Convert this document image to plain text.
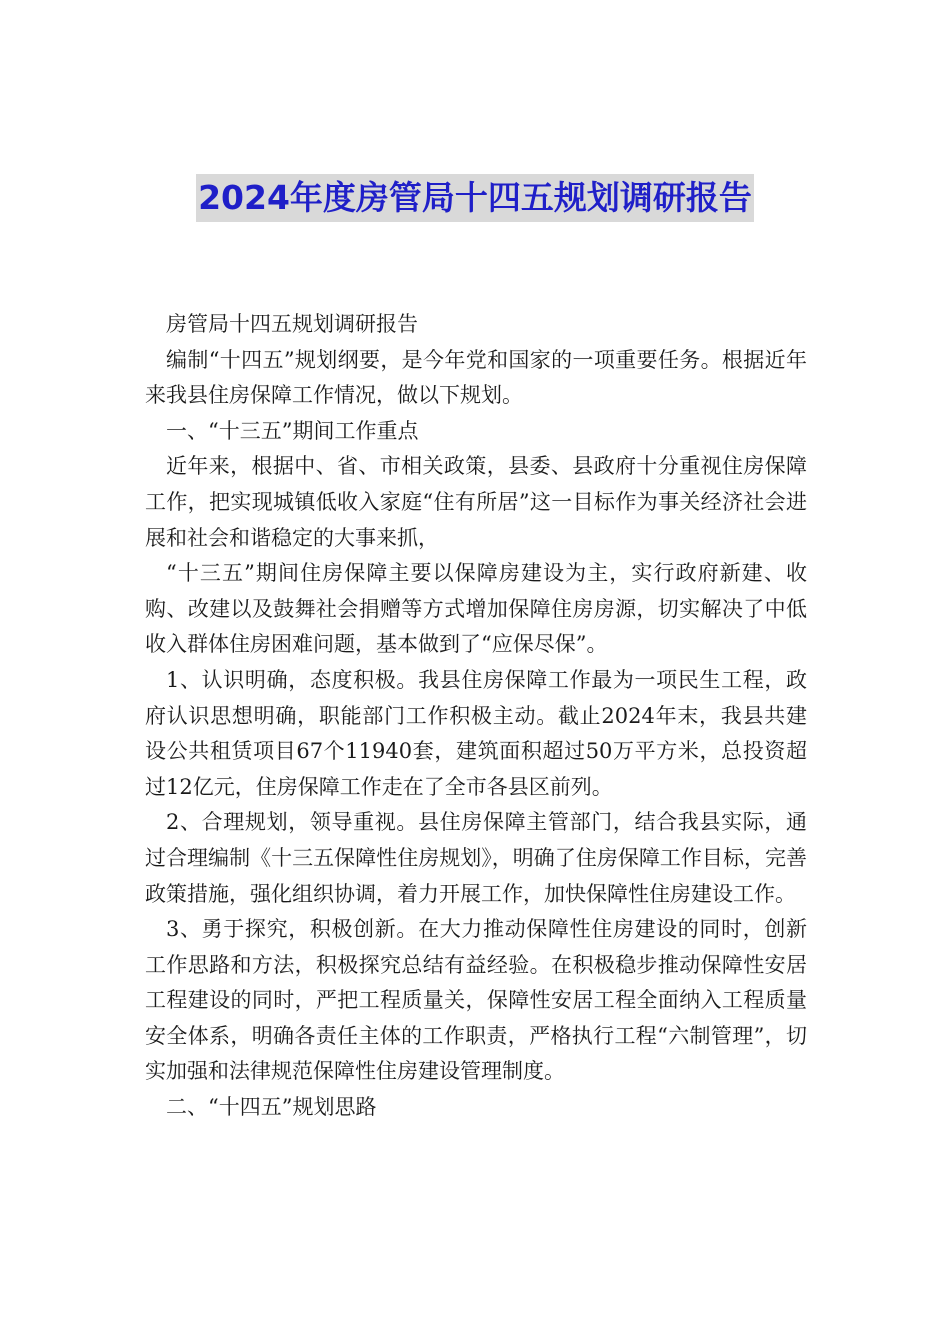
2024年度房管局十四五规划调研报告

房管局十四五规划调研报告

编制“十四五”规划纲要，是今年党和国家的一项重要任务。根据近年来我县住房保障工作情况，做以下规划。

一、“十三五”期间工作重点

近年来，根据中、省、市相关政策，县委、县政府十分重视住房保障工作，把实现城镇低收入家庭“住有所居”这一目标作为事关经济社会进展和社会和谐稳定的大事来抓，

“十三五”期间住房保障主要以保障房建设为主，实行政府新建、收购、改建以及鼓舞社会捐赠等方式增加保障住房房源，切实解决了中低收入群体住房困难问题，基本做到了“应保尽保”。

1、认识明确，态度积极。我县住房保障工作最为一项民生工程，政府认识思想明确，职能部门工作积极主动。截止2024年末，我县共建设公共租赁项目67个11940套，建筑面积超过50万平方米，总投资超过12亿元，住房保障工作走在了全市各县区前列。

2、合理规划，领导重视。县住房保障主管部门，结合我县实际，通过合理编制《十三五保障性住房规划》，明确了住房保障工作目标，完善政策措施，强化组织协调，着力开展工作，加快保障性住房建设工作。

3、勇于探究，积极创新。在大力推动保障性住房建设的同时，创新工作思路和方法，积极探究总结有益经验。在积极稳步推动保障性安居工程建设的同时，严把工程质量关，保障性安居工程全面纳入工程质量安全体系，明确各责任主体的工作职责，严格执行工程“六制管理”，切实加强和法律规范保障性住房建设管理制度。

二、“十四五”规划思路
